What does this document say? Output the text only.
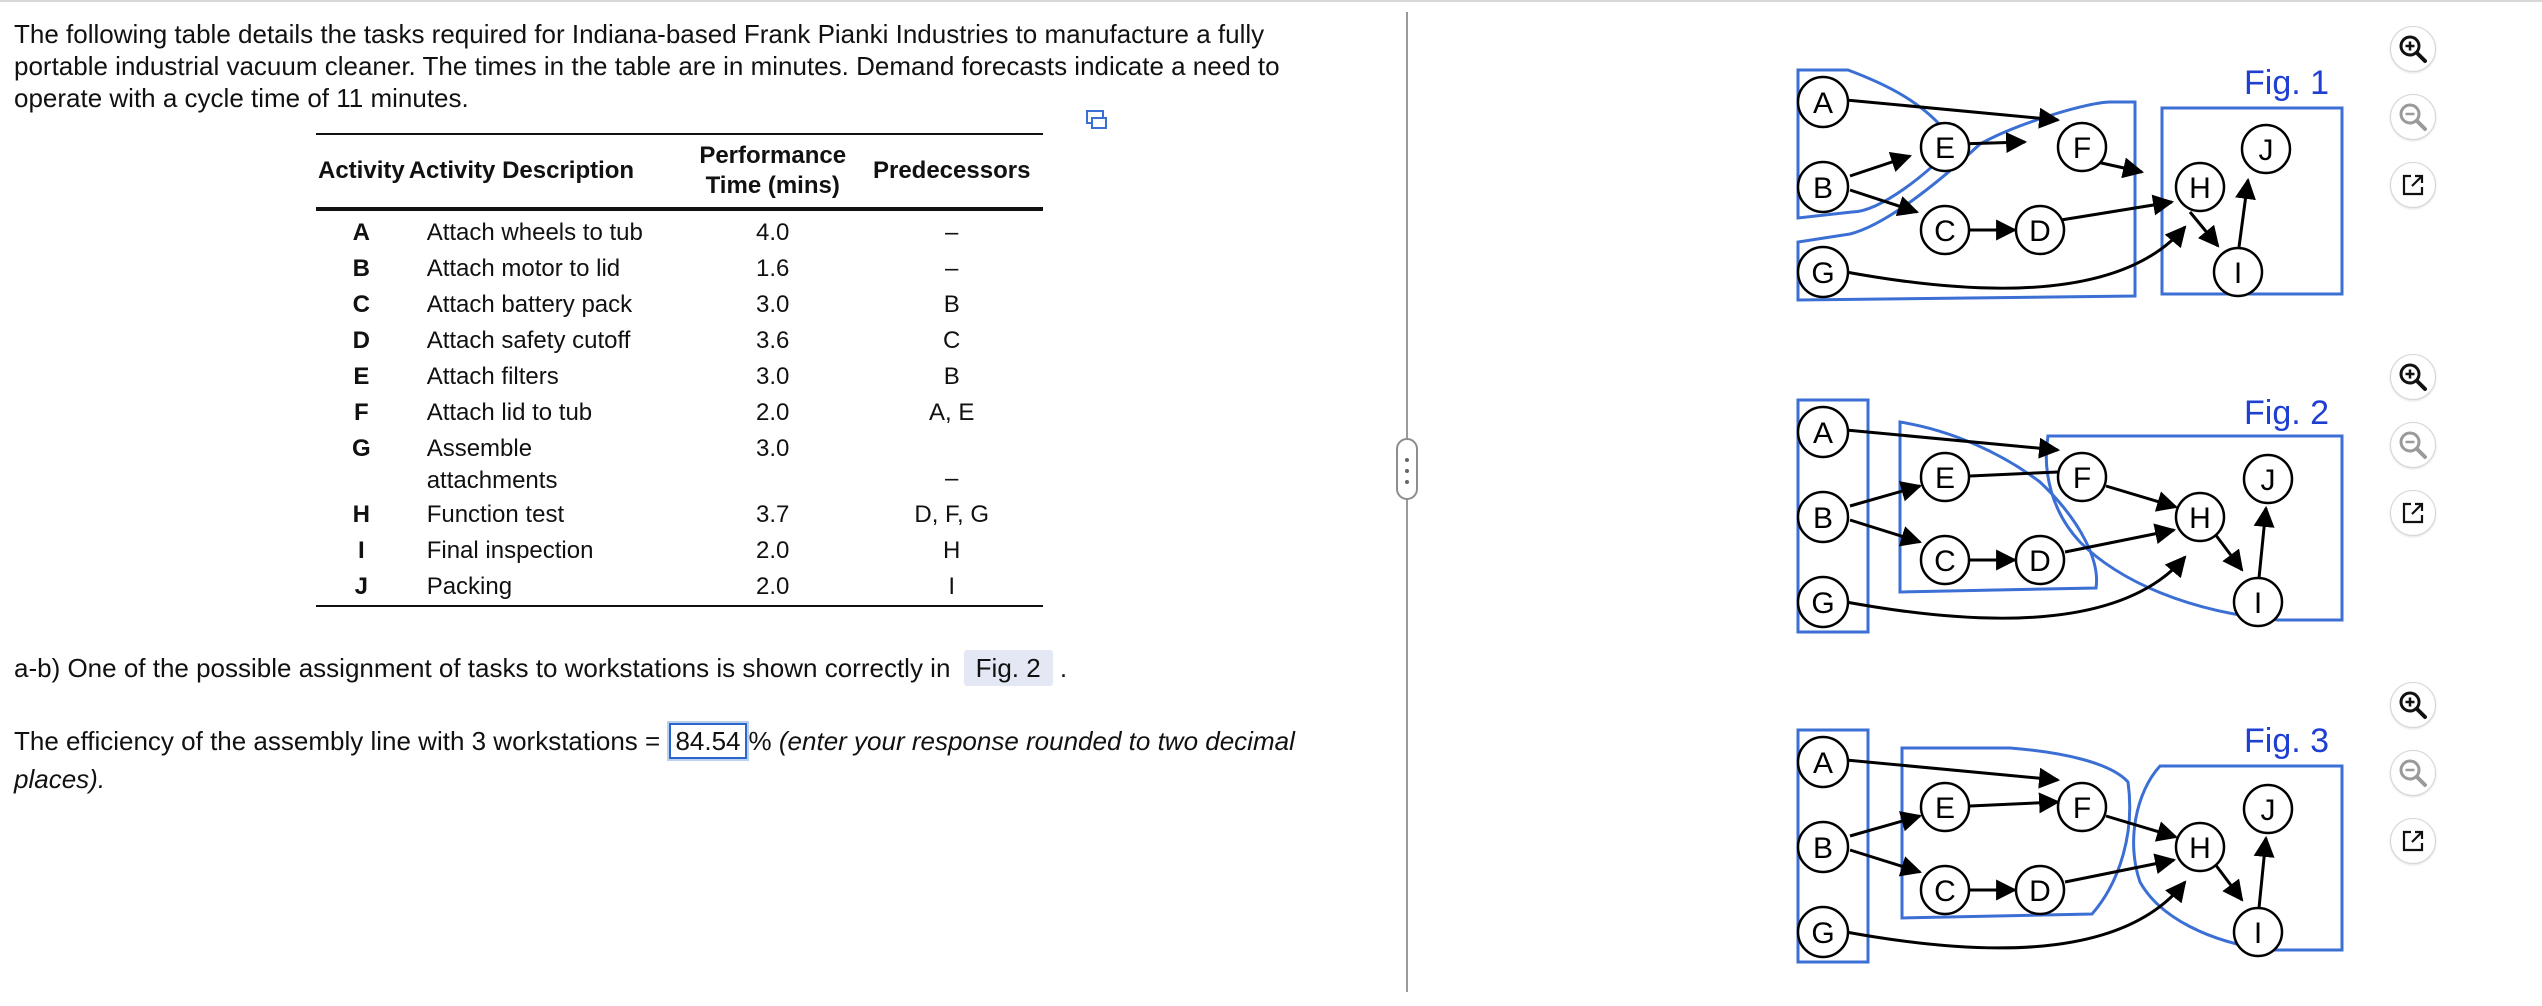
The following table details the tasks required for Indiana-based Frank Pianki Industries to manufacture a fully portable industrial vacuum cleaner. The times in the table are in minutes. Demand forecasts indicate a need to operate with a cycle time of 11 minutes.

Activity	Activity Description	Performance
Time (mins)	Predecessors
A	Attach wheels to tub	4.0	–
B	Attach motor to lid	1.6	–
C	Attach battery pack	3.0	B
D	Attach safety cutoff	3.6	C
E	Attach filters	3.0	B
F	Attach lid to tub	2.0	A, E
G	Assemble attachments	3.0	–
H	Function test	3.7	D, F, G
I	Final inspection	2.0	H
J	Packing	2.0	I
a-b) One of the possible assignment of tasks to workstations is shown correctly in Fig. 2 .
The efficiency of the assembly line with 3 workstations = 84.54 % (enter your response rounded to two decimal places).
Fig. 1
A
B
G
E
C D
F
H
I
J
Fig. 2
A
B
G
E
C D
F
H
I
J
Fig. 3
A
B
G
E
C D
F
H
I
J
